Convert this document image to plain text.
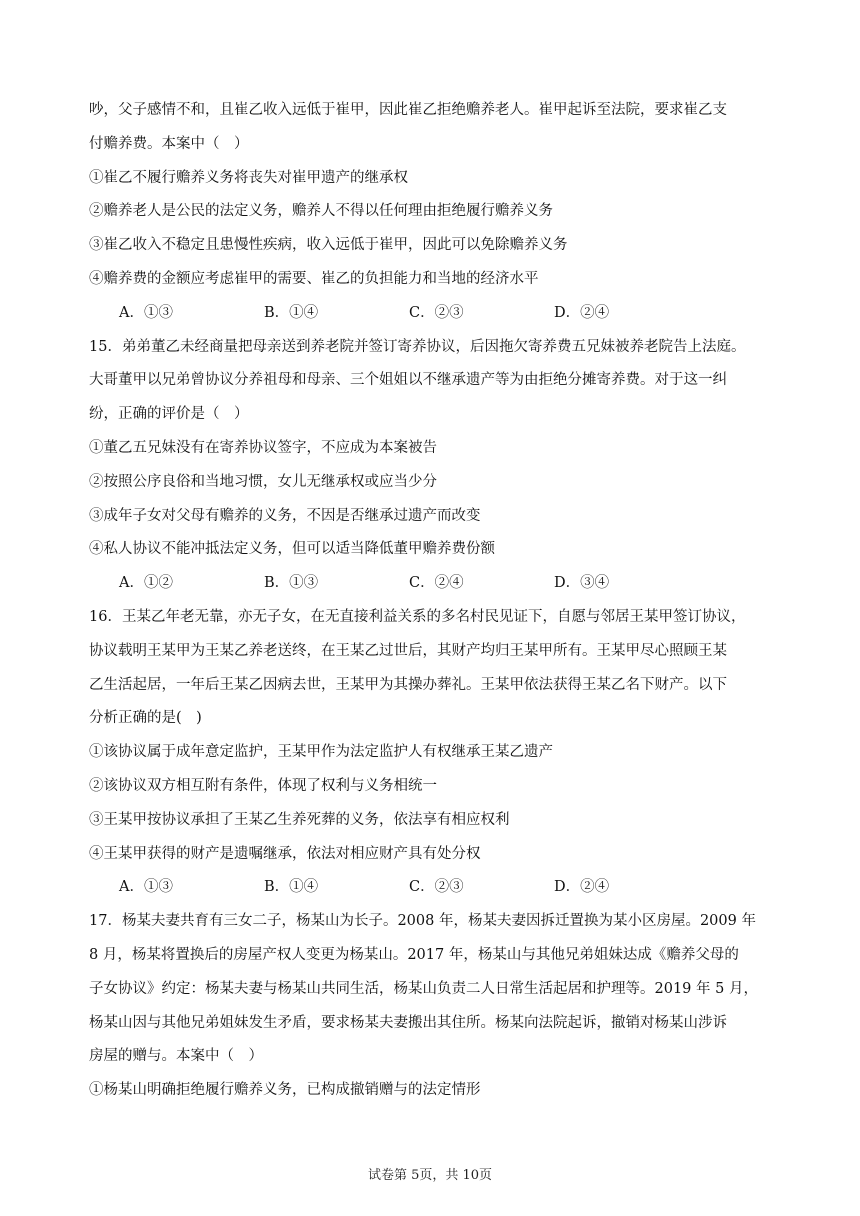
吵，父子感情不和，且崔乙收入远低于崔甲，因此崔乙拒绝赡养老人。崔甲起诉至法院，要求崔乙支
付赡养费。本案中（　）
①崔乙不履行赡养义务将丧失对崔甲遗产的继承权
②赡养老人是公民的法定义务，赡养人不得以任何理由拒绝履行赡养义务
③崔乙收入不稳定且患慢性疾病，收入远低于崔甲，因此可以免除赡养义务
④赡养费的金额应考虑崔甲的需要、崔乙的负担能力和当地的经济水平
A．①③	B．①④	C．②③	D．②④
15．弟弟董乙未经商量把母亲送到养老院并签订寄养协议，后因拖欠寄养费五兄妹被养老院告上法庭。
大哥董甲以兄弟曾协议分养祖母和母亲、三个姐姐以不继承遗产等为由拒绝分摊寄养费。对于这一纠
纷，正确的评价是（　）
①董乙五兄妹没有在寄养协议签字，不应成为本案被告
②按照公序良俗和当地习惯，女儿无继承权或应当少分
③成年子女对父母有赡养的义务，不因是否继承过遗产而改变
④私人协议不能冲抵法定义务，但可以适当降低董甲赡养费份额
A．①②	B．①③	C．②④	D．③④
16．王某乙年老无靠，亦无子女，在无直接利益关系的多名村民见证下，自愿与邻居王某甲签订协议，
协议载明王某甲为王某乙养老送终，在王某乙过世后，其财产均归王某甲所有。王某甲尽心照顾王某
乙生活起居，一年后王某乙因病去世，王某甲为其操办葬礼。王某甲依法获得王某乙名下财产。以下
分析正确的是(　)
①该协议属于成年意定监护，王某甲作为法定监护人有权继承王某乙遗产
②该协议双方相互附有条件，体现了权利与义务相统一
③王某甲按协议承担了王某乙生养死葬的义务，依法享有相应权利
④王某甲获得的财产是遗嘱继承，依法对相应财产具有处分权
A．①③	B．①④	C．②③	D．②④
17．杨某夫妻共育有三女二子，杨某山为长子。2008 年，杨某夫妻因拆迁置换为某小区房屋。2009 年
8 月，杨某将置换后的房屋产权人变更为杨某山。2017 年，杨某山与其他兄弟姐妹达成《赡养父母的
子女协议》约定：杨某夫妻与杨某山共同生活，杨某山负责二人日常生活起居和护理等。2019 年 5 月，
杨某山因与其他兄弟姐妹发生矛盾，要求杨某夫妻搬出其住所。杨某向法院起诉，撤销对杨某山涉诉
房屋的赠与。本案中（　）
①杨某山明确拒绝履行赡养义务，已构成撤销赠与的法定情形
试卷第 5页，共 10页
